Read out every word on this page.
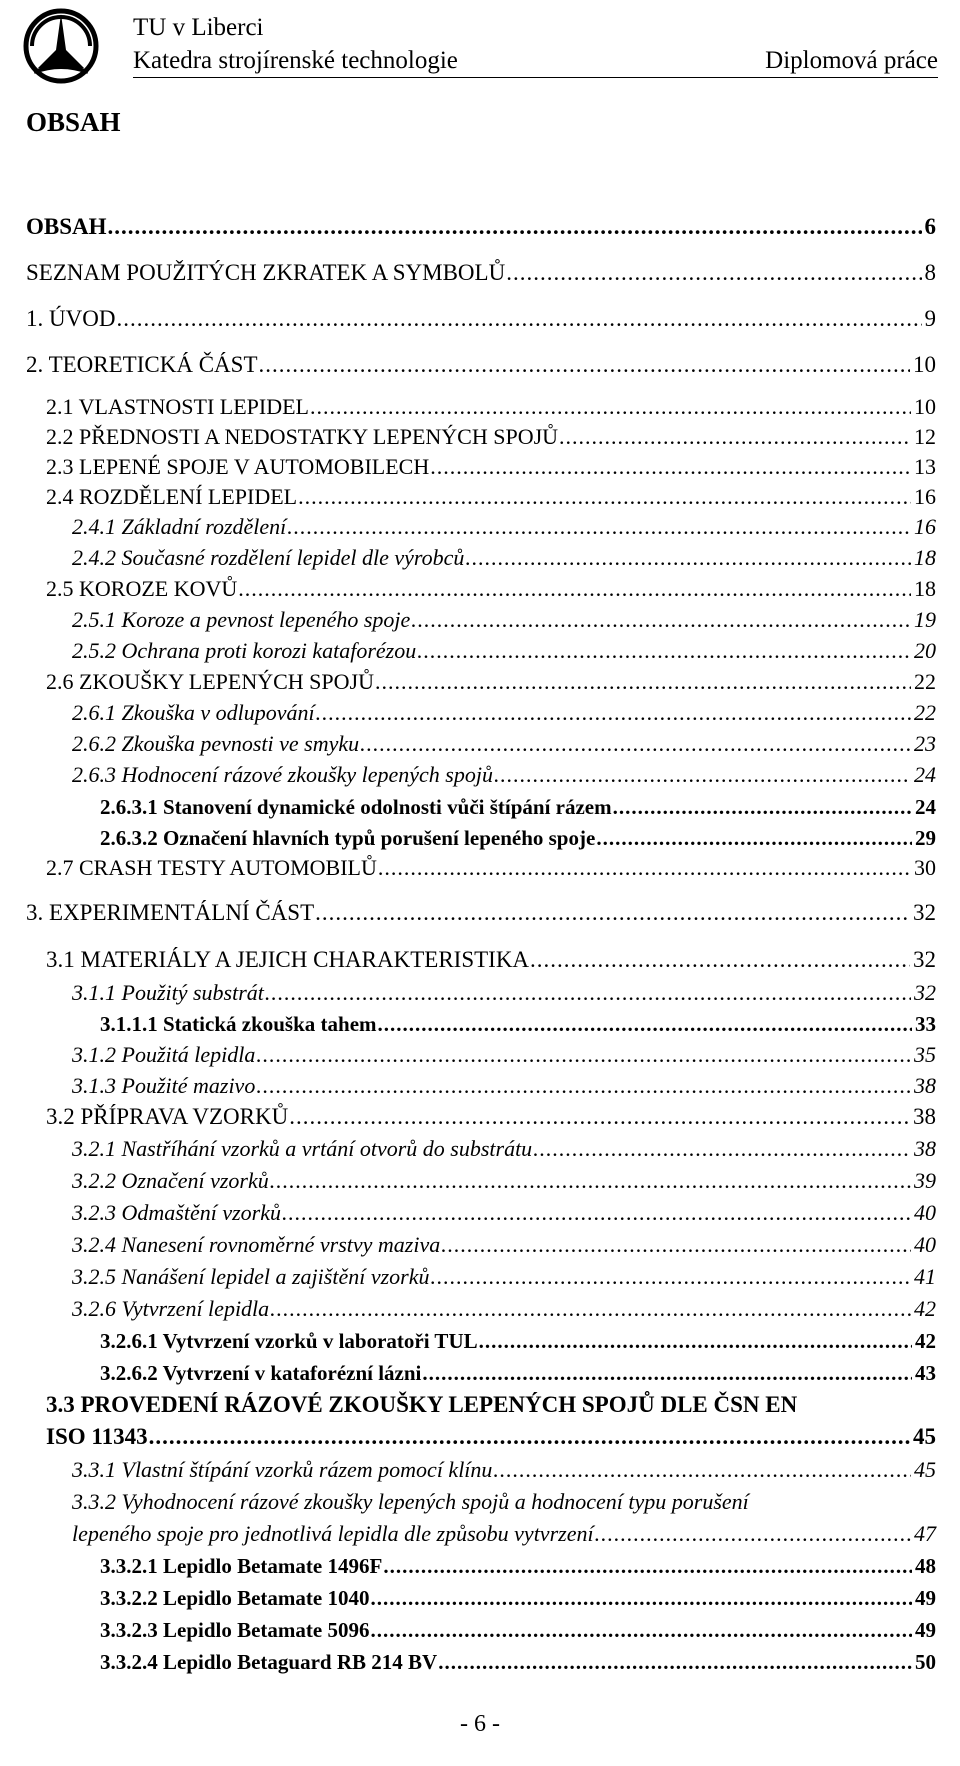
TU v Liberci
Katedra strojírenské technologie	Diplomová práce
OBSAH
OBSAH .....	6
SEZNAM POUŽITÝCH ZKRATEK A SYMBOLŮ .....	8
1. ÚVOD .....	9
2. TEORETICKÁ ČÁST .....	10
2.1 VLASTNOSTI LEPIDEL .....	10
2.2 PŘEDNOSTI A NEDOSTATKY LEPENÝCH SPOJŮ .....	12
2.3 LEPENÉ SPOJE V AUTOMOBILECH .....	13
2.4 ROZDĚLENÍ LEPIDEL .....	16
2.4.1 Základní rozdělení .....	16
2.4.2 Současné rozdělení lepidel dle výrobců .....	18
2.5 KOROZE KOVŮ .....	18
2.5.1 Koroze a pevnost lepeného spoje .....	19
2.5.2 Ochrana proti korozi kataforézou .....	20
2.6 ZKOUŠKY LEPENÝCH SPOJŮ .....	22
2.6.1 Zkouška v odlupování .....	22
2.6.2 Zkouška pevnosti ve smyku .....	23
2.6.3 Hodnocení rázové zkoušky lepených spojů .....	24
2.6.3.1 Stanovení dynamické odolnosti vůči štípání rázem .....	24
2.6.3.2 Označení hlavních typů porušení lepeného spoje .....	29
2.7 CRASH TESTY AUTOMOBILŮ .....	30
3. EXPERIMENTÁLNÍ ČÁST .....	32
3.1 MATERIÁLY A JEJICH CHARAKTERISTIKA .....	32
3.1.1 Použitý substrát .....	32
3.1.1.1 Statická zkouška tahem .....	33
3.1.2 Použitá lepidla .....	35
3.1.3 Použité mazivo .....	38
3.2 PŘÍPRAVA VZORKŮ .....	38
3.2.1 Nastříhání vzorků a vrtání otvorů do substrátu .....	38
3.2.2 Označení vzorků .....	39
3.2.3 Odmaštění vzorků .....	40
3.2.4 Nanesení rovnoměrné vrstvy maziva .....	40
3.2.5 Nanášení lepidel a zajištění vzorků .....	41
3.2.6 Vytvrzení lepidla .....	42
3.2.6.1 Vytvrzení vzorků v laboratoři TUL .....	42
3.2.6.2 Vytvrzení v kataforézní lázni .....	43
3.3 PROVEDENÍ RÁZOVÉ ZKOUŠKY LEPENÝCH SPOJŮ DLE ČSN EN
ISO 11343 .....	45
3.3.1 Vlastní štípání vzorků rázem pomocí klínu .....	45
3.3.2 Vyhodnocení rázové zkoušky lepených spojů a hodnocení typu porušení
lepeného spoje pro jednotlivá lepidla dle způsobu vytvrzení .....	47
3.3.2.1 Lepidlo Betamate 1496F .....	48
3.3.2.2 Lepidlo Betamate 1040 .....	49
3.3.2.3 Lepidlo Betamate 5096 .....	49
3.3.2.4 Lepidlo Betaguard RB 214 BV .....	50
- 6 -
